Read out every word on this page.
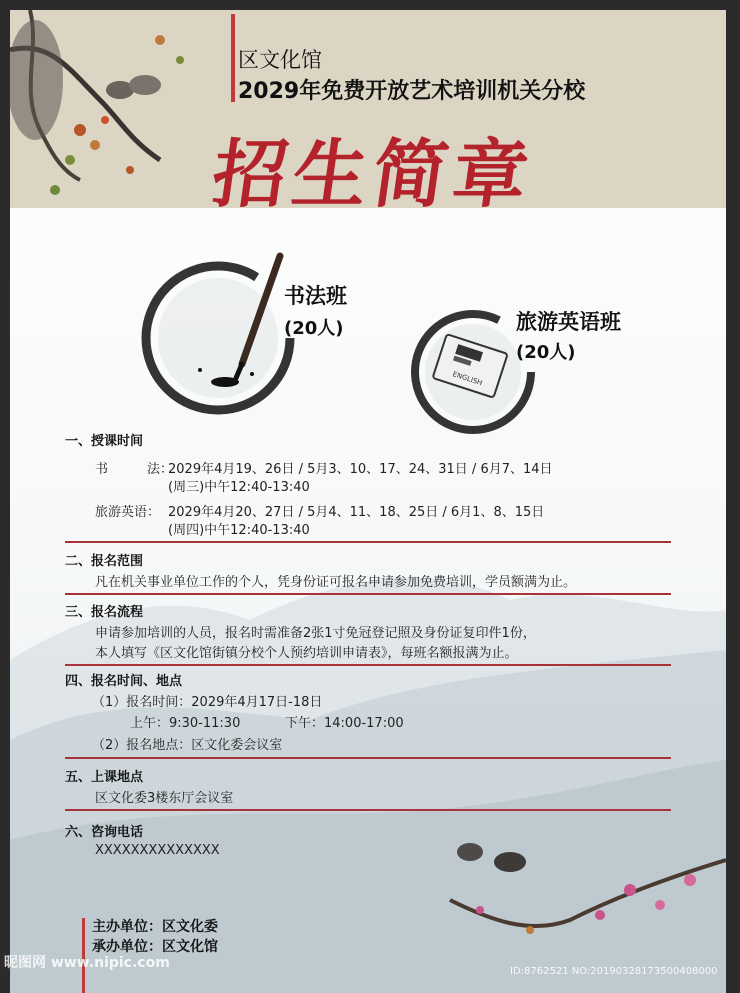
区文化馆
2029年免费开放艺术培训机关分校
招生简章
书法班
(20人)
ENGLISH
旅游英语班
(20人)
一、授课时间
书	法：
2029年4月19、26日 / 5月3、10、17、24、31日 / 6月7、14日
(周三)中午12:40-13:40
旅游英语： 2029年4月20、27日 / 5月4、11、18、25日 / 6月1、8、15日
(周四)中午12:40-13:40
二、报名范围
凡在机关事业单位工作的个人，凭身份证可报名申请参加免费培训，学员额满为止。
三、报名流程
申请参加培训的人员，报名时需准备2张1寸免冠登记照及身份证复印件1份，
本人填写《区文化馆街镇分校个人预约培训申请表》，每班名额报满为止。
四、报名时间、地点
（1）报名时间：2029年4月17日-18日
上午：9:30-11:30	下午：14:00-17:00
（2）报名地点：区文化委会议室
五、上课地点
区文化委3楼东厅会议室
六、咨询电话
XXXXXXXXXXXXXX
主办单位：区文化委
承办单位：区文化馆
ID:8762521 NO:20190328173500408000
昵图网 www.nipic.com
